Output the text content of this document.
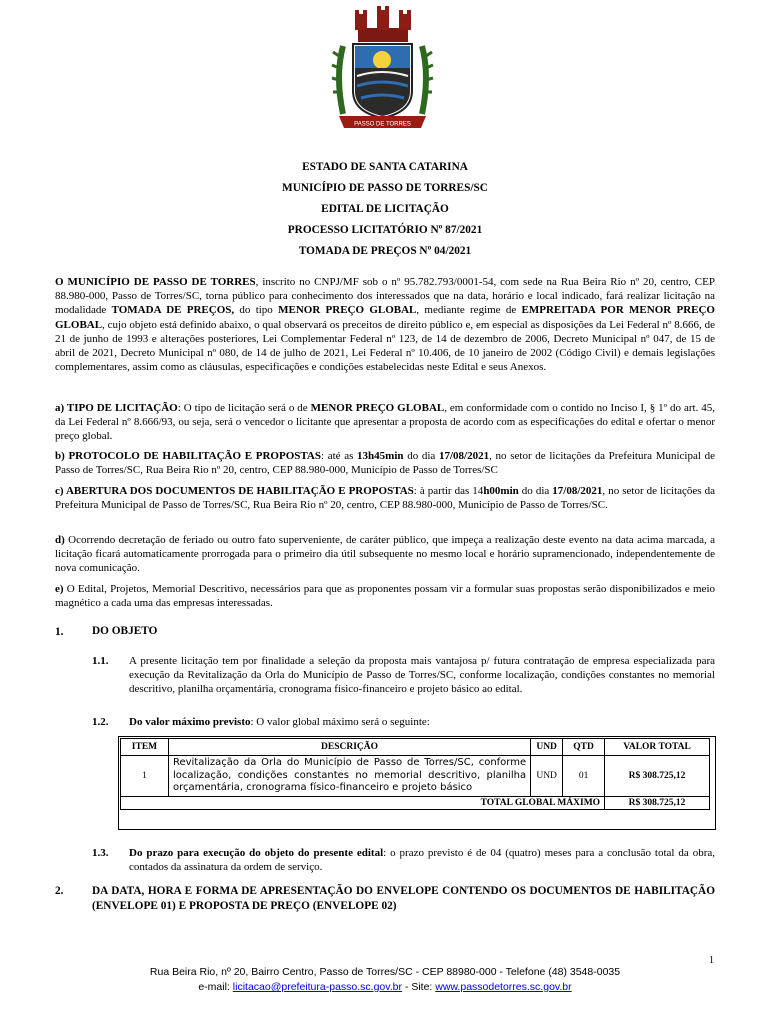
PASSO DE TORRES
ESTADO DE SANTA CATARINA
MUNICÍPIO DE PASSO DE TORRES/SC
EDITAL DE LICITAÇÃO
PROCESSO LICITATÓRIO Nº 87/2021
TOMADA DE PREÇOS Nº 04/2021

O MUNICÍPIO DE PASSO DE TORRES, inscrito no CNPJ/MF sob o nº 95.782.793/0001-54, com sede na Rua Beira Rio nº 20, centro, CEP 88.980-000, Passo de Torres/SC, torna público para conhecimento dos interessados que na data, horário e local indicado, fará realizar licitação na modalidade TOMADA DE PREÇOS, do tipo MENOR PREÇO GLOBAL, mediante regime de EMPREITADA POR MENOR PREÇO GLOBAL, cujo objeto está definido abaixo, o qual observará os preceitos de direito público e, em especial as disposições da Lei Federal nº 8.666, de 21 de junho de 1993 e alterações posteriores, Lei Complementar Federal nº 123, de 14 de dezembro de 2006, Decreto Municipal nº 047, de 15 de abril de 2021, Decreto Municipal nº 080, de 14 de julho de 2021, Lei Federal nº 10.406, de 10 janeiro de 2002 (Código Civil) e demais legislações complementares, assim como as cláusulas, especificações e condições estabelecidas neste Edital e seus Anexos.

a) TIPO DE LICITAÇÃO: O tipo de licitação será o de MENOR PREÇO GLOBAL, em conformidade com o contido no Inciso I, § 1º do art. 45, da Lei Federal nº 8.666/93, ou seja, será o vencedor o licitante que apresentar a proposta de acordo com as especificações do edital e ofertar o menor preço global.

b) PROTOCOLO DE HABILITAÇÃO E PROPOSTAS: até as 13h45min do dia 17/08/2021, no setor de licitações da Prefeitura Municipal de Passo de Torres/SC, Rua Beira Rio nº 20, centro, CEP 88.980-000, Município de Passo de Torres/SC

c) ABERTURA DOS DOCUMENTOS DE HABILITAÇÃO E PROPOSTAS: à partir das 14h00min do dia 17/08/2021, no setor de licitações da Prefeitura Municipal de Passo de Torres/SC, Rua Beira Rio nº 20, centro, CEP 88.980-000, Município de Passo de Torres/SC.

d) Ocorrendo decretação de feriado ou outro fato superveniente, de caráter público, que impeça a realização deste evento na data acima marcada, a licitação ficará automaticamente prorrogada para o primeiro dia útil subsequente no mesmo local e horário supramencionado, independentemente de nova comunicação.

e) O Edital, Projetos, Memorial Descritivo, necessários para que as proponentes possam vir a formular suas propostas serão disponibilizados e meio magnético a cada uma das empresas interessadas.

1.	DO OBJETO
1.1. A presente licitação tem por finalidade a seleção da proposta mais vantajosa p/ futura contratação de empresa especializada para execução da Revitalização da Orla do Município de Passo de Torres/SC, conforme localização, condições constantes no memorial descritivo, planilha orçamentária, cronograma físico-financeiro e projeto básico ao edital.

1.2. Do valor máximo previsto: O valor global máximo será o seguinte:

ITEM	DESCRIÇÃO	UND	QTD	VALOR TOTAL
1	Revitalização da Orla do Município de Passo de Torres/SC, conforme localização, condições constantes no memorial descritivo, planilha orçamentária, cronograma físico-financeiro e projeto básico	UND	01	R$ 308.725,12
TOTAL GLOBAL MÁXIMO				R$ 308.725,12
1.3. Do prazo para execução do objeto do presente edital: o prazo previsto é de 04 (quatro) meses para a conclusão total da obra, contados da assinatura da ordem de serviço.

2.	DA DATA, HORA E FORMA DE APRESENTAÇÃO DO ENVELOPE CONTENDO OS DOCUMENTOS DE HABILITAÇÃO (ENVELOPE 01) E PROPOSTA DE PREÇO (ENVELOPE 02)
1
Rua Beira Rio, nº 20, Bairro Centro, Passo de Torres/SC - CEP 88980-000 - Telefone (48) 3548-0035
e-mail: licitacao@prefeitura-passo.sc.gov.br - Site: www.passodetorres.sc.gov.br
